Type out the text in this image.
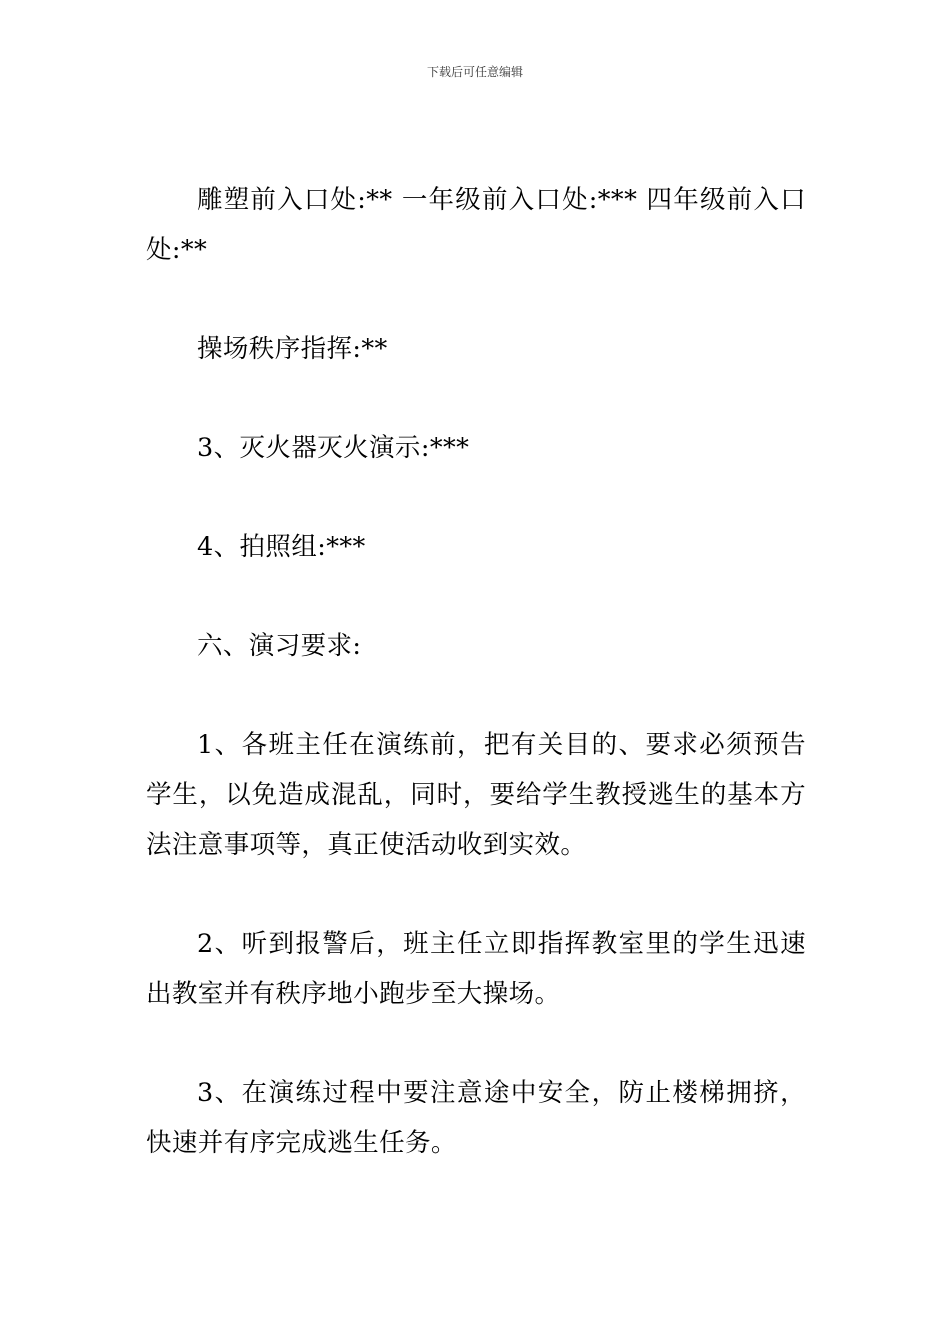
下载后可任意编辑

雕塑前入口处:** 一年级前入口处:*** 四年级前入口处:**

操场秩序指挥:**

3、灭火器灭火演示:***

4、拍照组:***

六、演习要求:

1、各班主任在演练前，把有关目的、要求必须预告学生，以免造成混乱，同时，要给学生教授逃生的基本方法注意事项等，真正使活动收到实效。

2、听到报警后，班主任立即指挥教室里的学生迅速出教室并有秩序地小跑步至大操场。

3、在演练过程中要注意途中安全，防止楼梯拥挤，快速并有序完成逃生任务。
